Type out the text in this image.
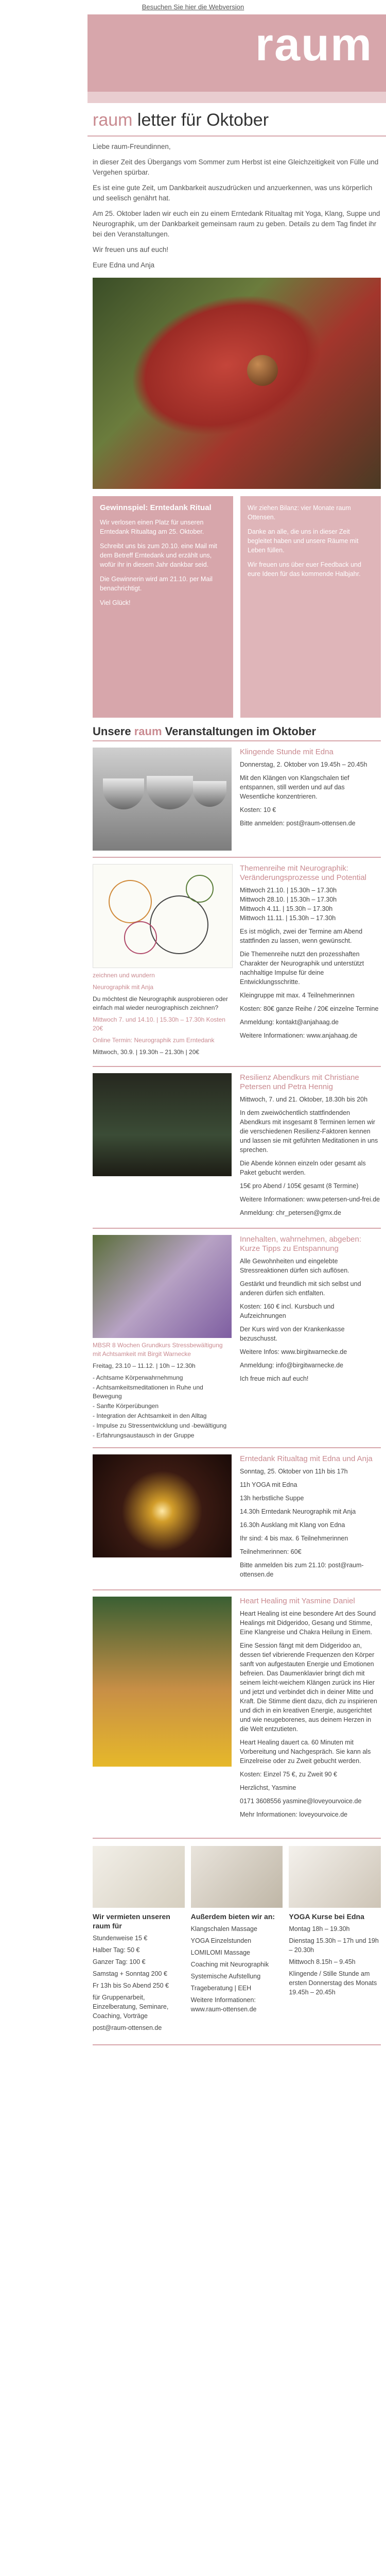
Besuchen Sie hier die Webversion
raum
raum letter für Oktober

Liebe raum-Freundinnen,

in dieser Zeit des Übergangs vom Sommer zum Herbst ist eine Gleichzeitigkeit von Fülle und Vergehen spürbar.

Es ist eine gute Zeit, um Dankbarkeit auszudrücken und anzuerkennen, was uns körperlich und seelisch genährt hat.

Am 25. Oktober laden wir euch ein zu einem Erntedank Ritualtag mit Yoga, Klang, Suppe und Neurographik, um der Dankbarkeit gemeinsam raum zu geben. Details zu dem Tag findet ihr bei den Veranstaltungen.

Wir freuen uns auf euch!

Eure Edna und Anja

Gewinnspiel: Erntedank Ritual

Wir verlosen einen Platz für unseren Erntedank Ritualtag am 25. Oktober.

Schreibt uns bis zum 20.10. eine Mail mit dem Betreff Erntedank und erzählt uns, wofür ihr in diesem Jahr dankbar seid.

Die Gewinnerin wird am 21.10. per Mail benachrichtigt.

Viel Glück!

Wir ziehen Bilanz: vier Monate raum Ottensen.

Danke an alle, die uns in dieser Zeit begleitet haben und unsere Räume mit Leben füllen.

Wir freuen uns über euer Feedback und eure Ideen für das kommende Halbjahr.

Unsere raum Veranstaltungen im Oktober
Klingende Stunde mit Edna

Donnerstag, 2. Oktober von 19.45h – 20.45h

Mit den Klängen von Klangschalen tief entspannen, still werden und auf das Wesentliche konzentrieren.

Kosten: 10 €

Bitte anmelden: post@raum-ottensen.de

zeichnen und wundern

Neurographik mit Anja

Du möchtest die Neurographik ausprobieren oder einfach mal wieder neurographisch zeichnen?

Mittwoch 7. und 14.10. | 15.30h – 17.30h Kosten 20€

Online Termin: Neurographik zum Erntedank

Mittwoch, 30.9. | 19.30h – 21.30h | 20€

Themenreihe mit Neurographik: Veränderungsprozesse und Potential

Mittwoch 21.10. | 15.30h – 17.30h

Mittwoch 28.10. | 15.30h – 17.30h

Mittwoch 4.11. | 15.30h – 17.30h

Mittwoch 11.11. | 15.30h – 17.30h

Es ist möglich, zwei der Termine am Abend stattfinden zu lassen, wenn gewünscht.

Die Themenreihe nutzt den prozesshaften Charakter der Neurographik und unterstützt nachhaltige Impulse für deine Entwicklungsschritte.

Kleingruppe mit max. 4 Teilnehmerinnen

Kosten: 80€ ganze Reihe / 20€ einzelne Termine

Anmeldung: kontakt@anjahaag.de

Weitere Informationen: www.anjahaag.de

Resilienz Abendkurs mit Christiane Petersen und Petra Hennig

Mittwoch, 7. und 21. Oktober, 18.30h bis 20h

In dem zweiwöchentlich stattfindenden Abendkurs mit insgesamt 8 Terminen lernen wir die verschiedenen Resilienz-Faktoren kennen und lassen sie mit geführten Meditationen in uns sprechen.

Die Abende können einzeln oder gesamt als Paket gebucht werden.

15€ pro Abend / 105€ gesamt (8 Termine)

Weitere Informationen: www.petersen-und-frei.de

Anmeldung: chr_petersen@gmx.de

MBSR 8 Wochen Grundkurs Stressbewältigung mit Achtsamkeit mit Birgit Warnecke

Freitag, 23.10 – 11.12. | 10h – 12.30h

- Achtsame Körperwahrnehmung

- Achtsamkeitsmeditationen in Ruhe und Bewegung

- Sanfte Körperübungen

- Integration der Achtsamkeit in den Alltag

- Impulse zu Stressentwicklung und -bewältigung

- Erfahrungsaustausch in der Gruppe

Innehalten, wahrnehmen, abgeben: Kurze Tipps zu Entspannung

Alle Gewohnheiten und eingelebte Stressreaktionen dürfen sich auflösen.

Gestärkt und freundlich mit sich selbst und anderen dürfen sich entfalten.

Kosten: 160 € incl. Kursbuch und Aufzeichnungen

Der Kurs wird von der Krankenkasse bezuschusst.

Weitere Infos: www.birgitwarnecke.de

Anmeldung: info@birgitwarnecke.de

Ich freue mich auf euch!

Erntedank Ritualtag mit Edna und Anja

Sonntag, 25. Oktober von 11h bis 17h

11h YOGA mit Edna

13h herbstliche Suppe

14.30h Erntedank Neurographik mit Anja

16.30h Ausklang mit Klang von Edna

Ihr sind: 4 bis max. 6 Teilnehmerinnen

Teilnehmerinnen: 60€

Bitte anmelden bis zum 21.10: post@raum-ottensen.de

Heart Healing mit Yasmine Daniel

Heart Healing ist eine besondere Art des Sound Healings mit Didgeridoo, Gesang und Stimme, Eine Klangreise und Chakra Heilung in Einem.

Eine Session fängt mit dem Didgeridoo an, dessen tief vibrierende Frequenzen den Körper sanft von aufgestauten Energie und Emotionen befreien. Das Daumenklavier bringt dich mit seinem leicht-weichem Klängen zurück ins Hier und jetzt und verbindet dich in deiner Mitte und Kraft. Die Stimme dient dazu, dich zu inspirieren und dich in ein kreativen Energie, ausgerichtet und wie neugeborenes, aus deinem Herzen in die Welt entzutieten.

Heart Healing dauert ca. 60 Minuten mit Vorbereitung und Nachgespräch. Sie kann als Einzelreise oder zu Zweit gebucht werden.

Kosten: Einzel 75 €, zu Zweit 90 €

Herzlichst, Yasmine

0171 3608556 yasmine@loveyourvoice.de

Mehr Informationen: loveyourvoice.de

Wir vermieten unseren raum für

Stundenweise 15 €

Halber Tag: 50 €

Ganzer Tag: 100 €

Samstag + Sonntag 200 €

Fr 13h bis So Abend 250 €

für Gruppenarbeit, Einzelberatung, Seminare, Coaching, Vorträge

post@raum-ottensen.de

Außerdem bieten wir an:

Klangschalen Massage

YOGA Einzelstunden

LOMILOMI Massage

Coaching mit Neurographik

Systemische Aufstellung

Trageberatung | EEH

Weitere Informationen: www.raum-ottensen.de

YOGA Kurse bei Edna

Montag 18h – 19.30h

Dienstag 15.30h – 17h und 19h – 20.30h

Mittwoch 8.15h – 9.45h

Klingende / Stille Stunde am ersten Donnerstag des Monats 19.45h – 20.45h
